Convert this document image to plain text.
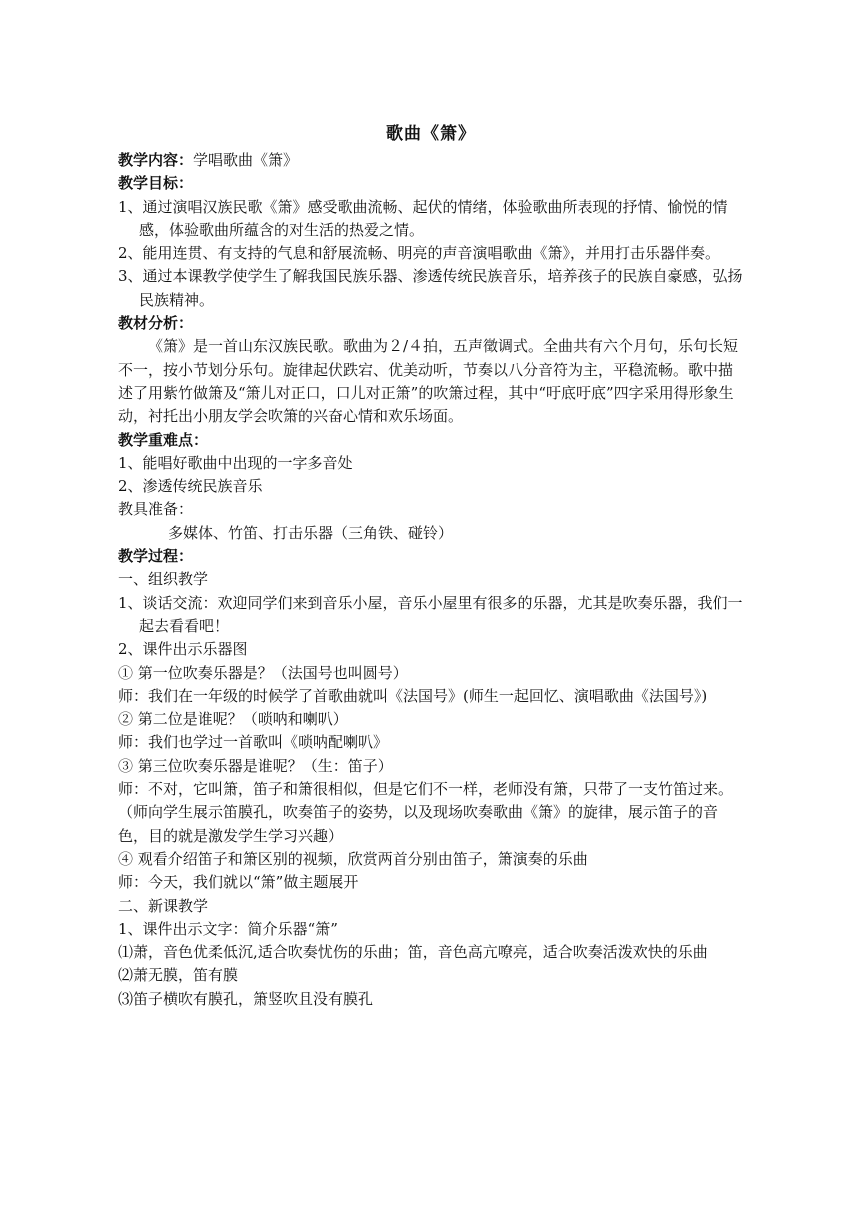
歌曲《箫》
教学内容：学唱歌曲《箫》
教学目标：
1、通过演唱汉族民歌《箫》感受歌曲流畅、起伏的情绪，体验歌曲所表现的抒情、愉悦的情感，体验歌曲所蕴含的对生活的热爱之情。
2、能用连贯、有支持的气息和舒展流畅、明亮的声音演唱歌曲《箫》，并用打击乐器伴奏。
3、通过本课教学使学生了解我国民族乐器、渗透传统民族音乐，培养孩子的民族自豪感，弘扬民族精神。
教材分析：
《箫》是一首山东汉族民歌。歌曲为２/４拍，五声徵调式。全曲共有六个月句，乐句长短不一，按小节划分乐句。旋律起伏跌宕、优美动听，节奏以八分音符为主，平稳流畅。歌中描述了用紫竹做箫及“箫儿对正口，口儿对正箫”的吹箫过程，其中“吁底吁底”四字采用得形象生动，衬托出小朋友学会吹箫的兴奋心情和欢乐场面。
教学重难点：
1、能唱好歌曲中出现的一字多音处
2、渗透传统民族音乐
教具准备：
多媒体、竹笛、打击乐器（三角铁、碰铃）
教学过程：
一、组织教学
1、谈话交流：欢迎同学们来到音乐小屋，音乐小屋里有很多的乐器，尤其是吹奏乐器，我们一起去看看吧！
2、课件出示乐器图
① 第一位吹奏乐器是？（法国号也叫圆号）
师：我们在一年级的时候学了首歌曲就叫《法国号》(师生一起回忆、演唱歌曲《法国号》)
② 第二位是谁呢？（唢呐和喇叭）
师：我们也学过一首歌叫《唢呐配喇叭》
③ 第三位吹奏乐器是谁呢？（生：笛子）
师：不对，它叫箫，笛子和箫很相似，但是它们不一样，老师没有箫，只带了一支竹笛过来。
（师向学生展示笛膜孔，吹奏笛子的姿势，以及现场吹奏歌曲《箫》的旋律，展示笛子的音色，目的就是激发学生学习兴趣）
④ 观看介绍笛子和箫区别的视频，欣赏两首分别由笛子，箫演奏的乐曲
师：今天，我们就以“箫”做主题展开
二、新课教学
1、课件出示文字：简介乐器“箫”
⑴萧，音色优柔低沉,适合吹奏忧伤的乐曲；笛，音色高亢嘹亮，适合吹奏活泼欢快的乐曲
⑵萧无膜，笛有膜
⑶笛子横吹有膜孔，箫竖吹且没有膜孔
